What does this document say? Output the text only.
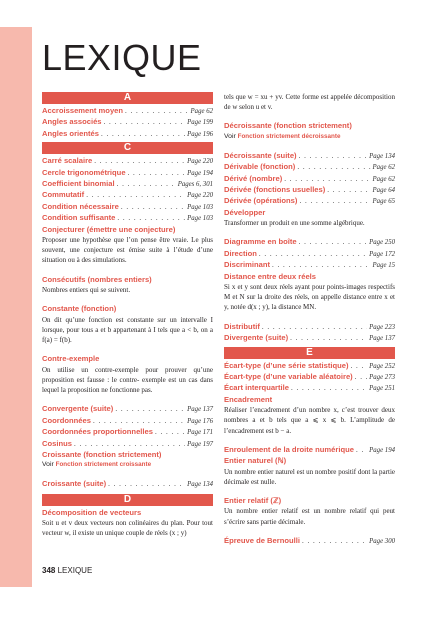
LEXIQUE
A
Accroissement moyen . . .	Page 62
Angles associés . . .	Page 199
Angles orientés . . .	Page 196
C
Carré scalaire . . .	Page 220
Cercle trigonométrique . . .	Page 194
Coefficient binomial . . .	Pages 6, 301
Commutatif . . .	Page 220
Condition nécessaire . . .	Page 103
Condition suffisante . . .	Page 103
Conjecturer (émettre une conjecture)

Proposer une hypothèse que l’on pense être vraie. Le plus souvent, une conjecture est émise suite à l’étude d’une situation ou à des simulations.

Consécutifs (nombres entiers)

Nombres entiers qui se suivent.

Constante (fonction)

On dit qu’une fonction est constante sur un intervalle I lorsque, pour tous a et b appartenant à I tels que a < b, on a f(a) = f(b).

Contre-exemple

On utilise un contre-exemple pour prouver qu’une proposition est fausse : le contre- exemple est un cas dans lequel la proposition ne fonctionne pas.

Convergente (suite) . . .	Page 137
Coordonnées . . .	Page 176
Coordonnées proportionnelles . . .	Page 171
Cosinus . . .	Page 197
Croissante (fonction strictement)
Voir Fonction strictement croissante
Croissante (suite) . . .	Page 134
D
Décomposition de vecteurs

Soit u et v deux vecteurs non colinéaires du plan. Pour tout vecteur w, il existe un unique couple de réels (x ; y)

tels que w = xu + yv. Cette forme est appelée décomposition de w selon u et v.

Décroissante (fonction strictement)
Voir Fonction strictement décroissante
Décroissante (suite) . . .	Page 134
Dérivable (fonction) . . .	Page 62
Dérivé (nombre) . . .	Page 62
Dérivée (fonctions usuelles) . . .	Page 64
Dérivée (opérations) . . .	Page 65
Développer

Transformer un produit en une somme algébrique.

Diagramme en boîte . . .	Page 250
Direction . . .	Page 172
Discriminant . . .	Page 15
Distance entre deux réels

Si x et y sont deux réels ayant pour points-images respectifs M et N sur la droite des réels, on appelle distance entre x et y, notée d(x ; y), la distance MN.

Distributif . . .	Page 223
Divergente (suite) . . .	Page 137
E
Écart-type (d’une série statistique) . . .	Page 252
Écart-type (d’une variable aléatoire) . . . Page 273
Écart interquartile . . .	Page 251
Encadrement

Réaliser l’encadrement d’un nombre x, c’est trouver deux nombres a et b tels que a ⩽ x ⩽ b. L’amplitude de l’encadrement est b − a.

Enroulement de la droite numérique . . . Page 194
Entier naturel (ℕ)

Un nombre entier naturel est un nombre positif dont la partie décimale est nulle.

Entier relatif (ℤ)

Un nombre entier relatif est un nombre relatif qui peut s’écrire sans partie décimale.

Épreuve de Bernoulli . . .	Page 300
348 LEXIQUE
